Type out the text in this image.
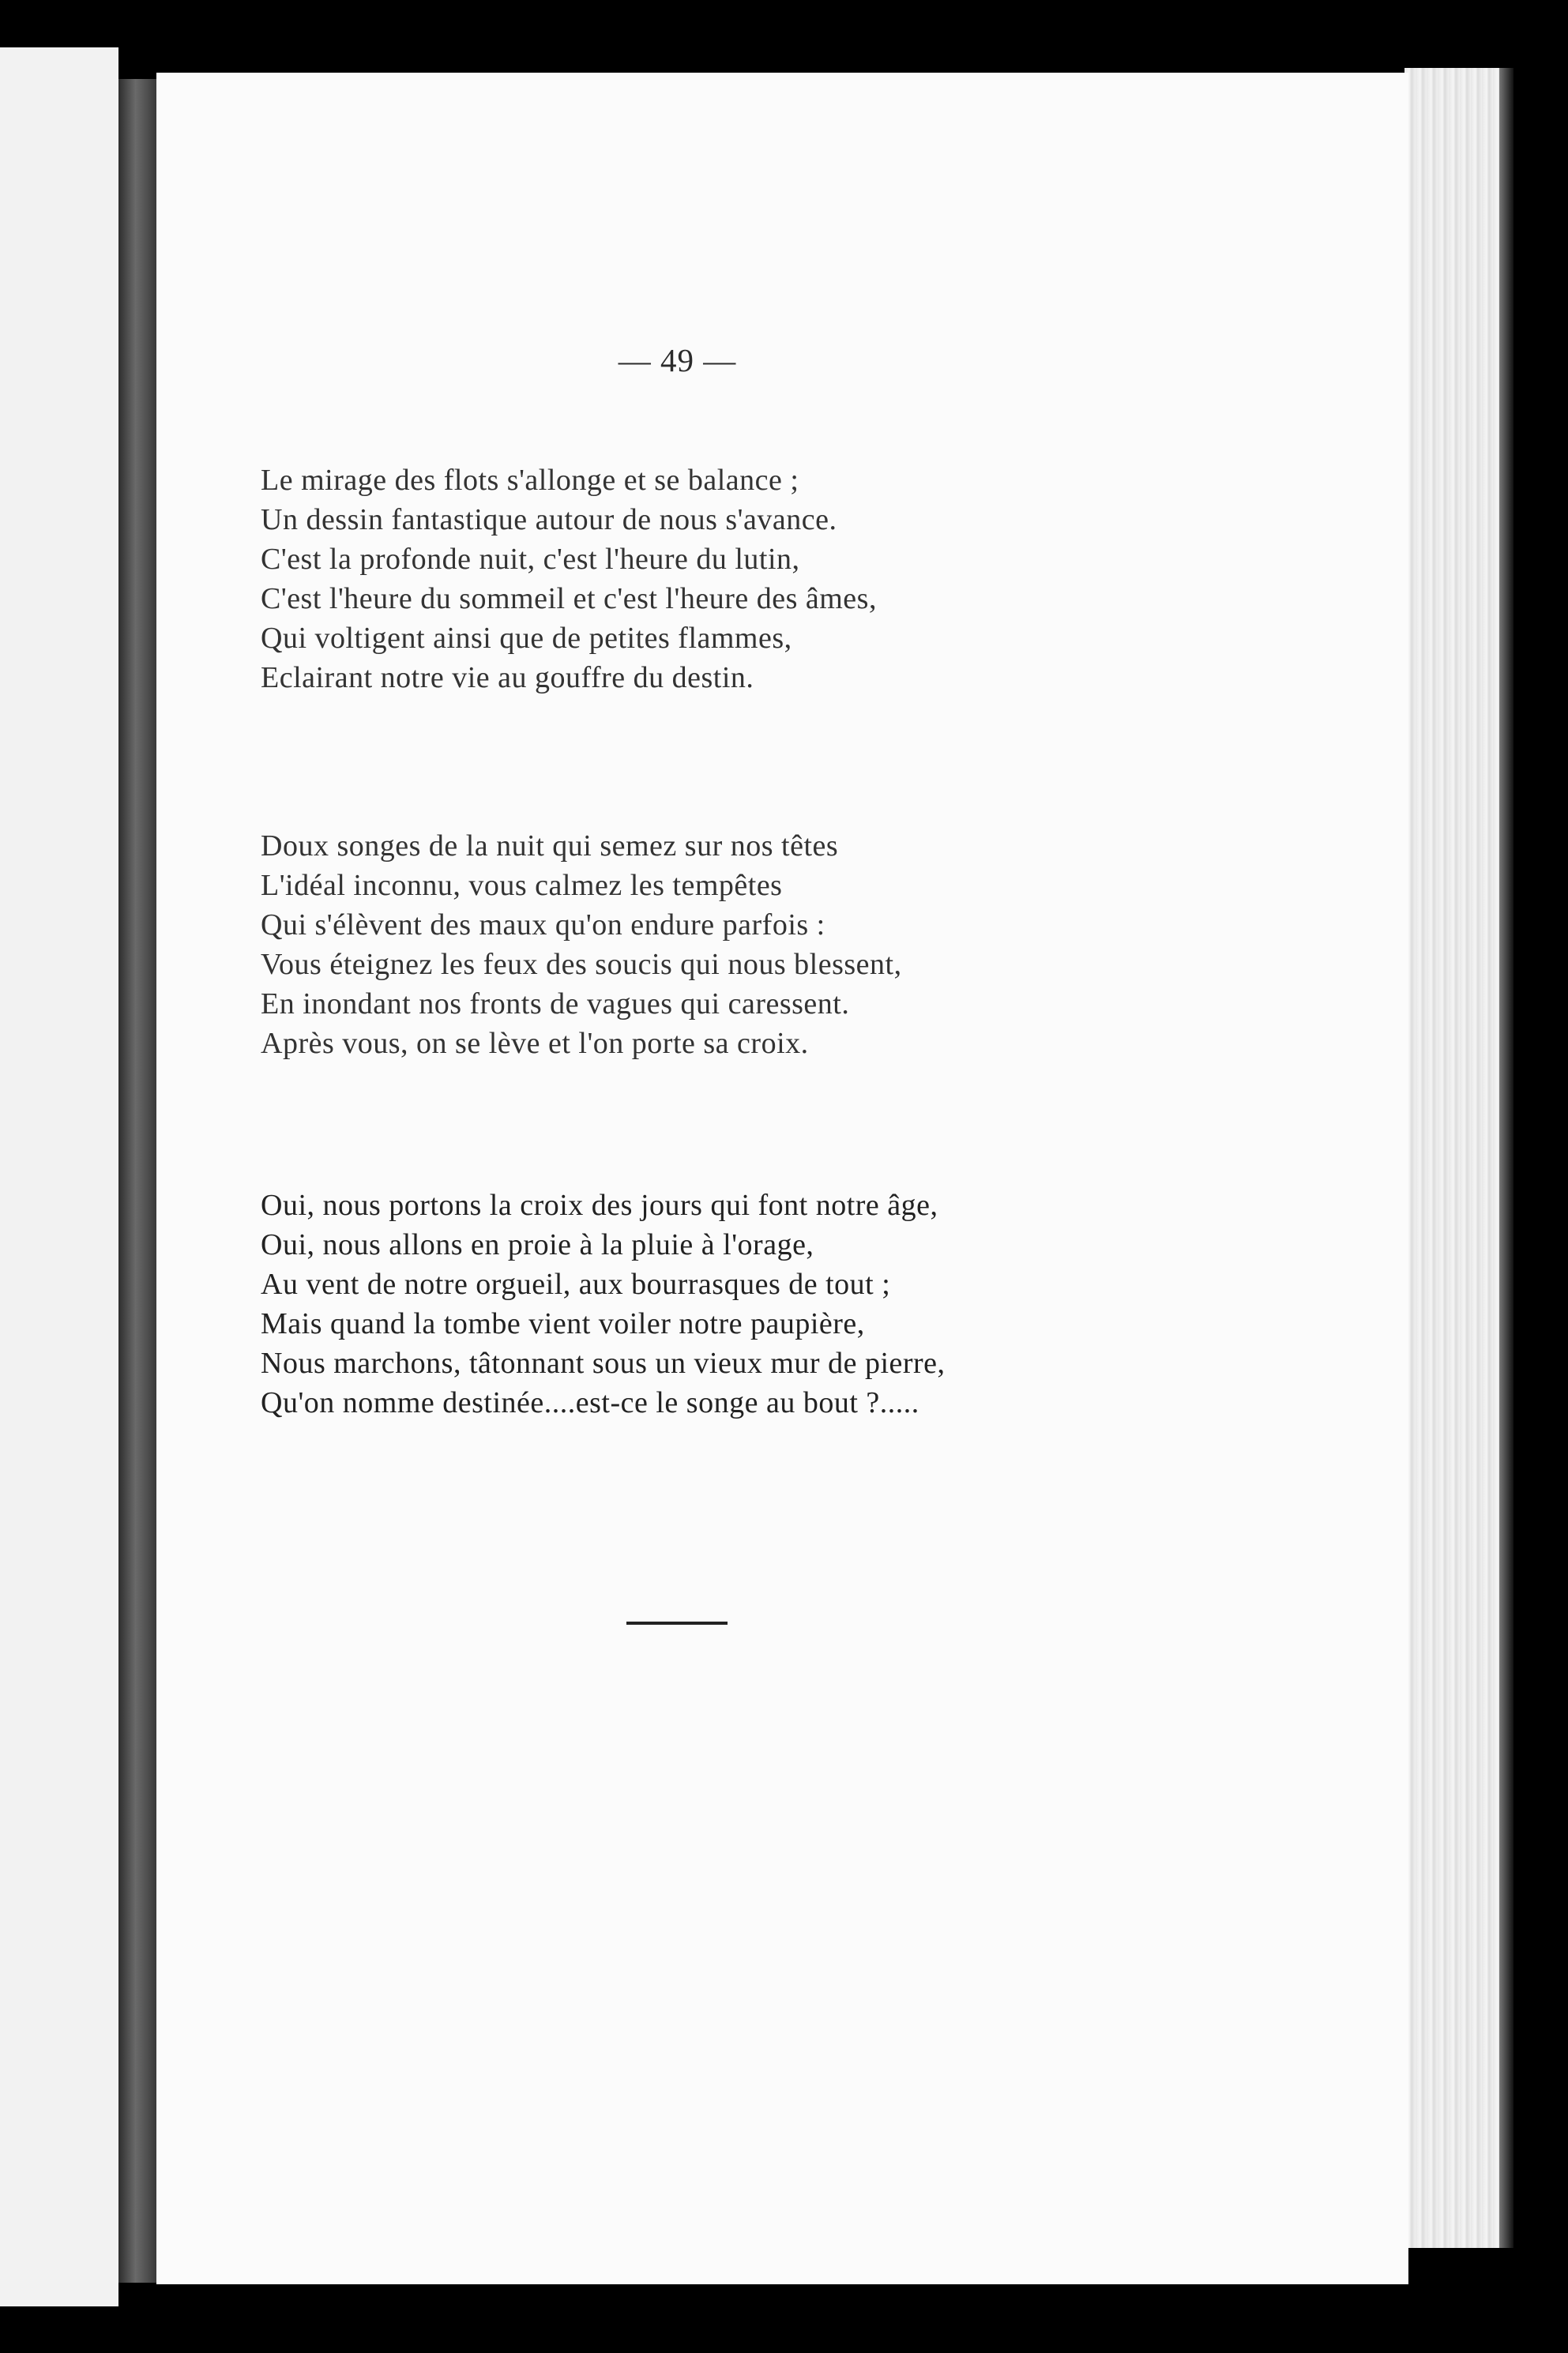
— 49 —
Le mirage des flots s'allonge et se balance ;
Un dessin fantastique autour de nous s'avance.
C'est la profonde nuit, c'est l'heure du lutin,
C'est l'heure du sommeil et c'est l'heure des âmes,
Qui voltigent ainsi que de petites flammes,
Eclairant notre vie au gouffre du destin.
Doux songes de la nuit qui semez sur nos têtes
L'idéal inconnu, vous calmez les tempêtes
Qui s'élèvent des maux qu'on endure parfois :
Vous éteignez les feux des soucis qui nous blessent,
En inondant nos fronts de vagues qui caressent.
Après vous, on se lève et l'on porte sa croix.
Oui, nous portons la croix des jours qui font notre âge,
Oui, nous allons en proie à la pluie à l'orage,
Au vent de notre orgueil, aux bourrasques de tout ;
Mais quand la tombe vient voiler notre paupière,
Nous marchons, tâtonnant sous un vieux mur de pierre,
Qu'on nomme destinée....est-ce le songe au bout ?.....
